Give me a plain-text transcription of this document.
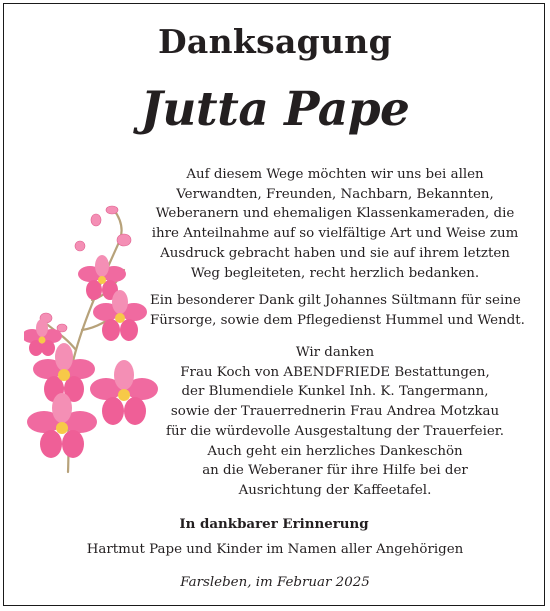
Danksagung
Jutta Pape
Auf diesem Wege möchten wir uns bei allen
Verwandten, Freunden, Nachbarn, Bekannten,
Weberanern und ehemaligen Klassenkameraden, die
ihre Anteilnahme auf so vielfältige Art und Weise zum
Ausdruck gebracht haben und sie auf ihrem letzten
Weg begleiteten, recht herzlich bedanken.
Ein besonderer Dank gilt Johannes Sültmann für seine
Fürsorge, sowie dem Pflegedienst Hummel und Wendt.
Wir danken
Frau Koch von ABENDFRIEDE Bestattungen,
der Blumendiele Kunkel Inh. K. Tangermann,
sowie der Trauerrednerin Frau Andrea Motzkau
für die würdevolle Ausgestaltung der Trauerfeier.
Auch geht ein herzliches Dankeschön
an die Weberaner für ihre Hilfe bei der
Ausrichtung der Kaffeetafel.
In dankbarer Erinnerung
Hartmut Pape und Kinder im Namen aller Angehörigen
Farsleben, im Februar 2025
